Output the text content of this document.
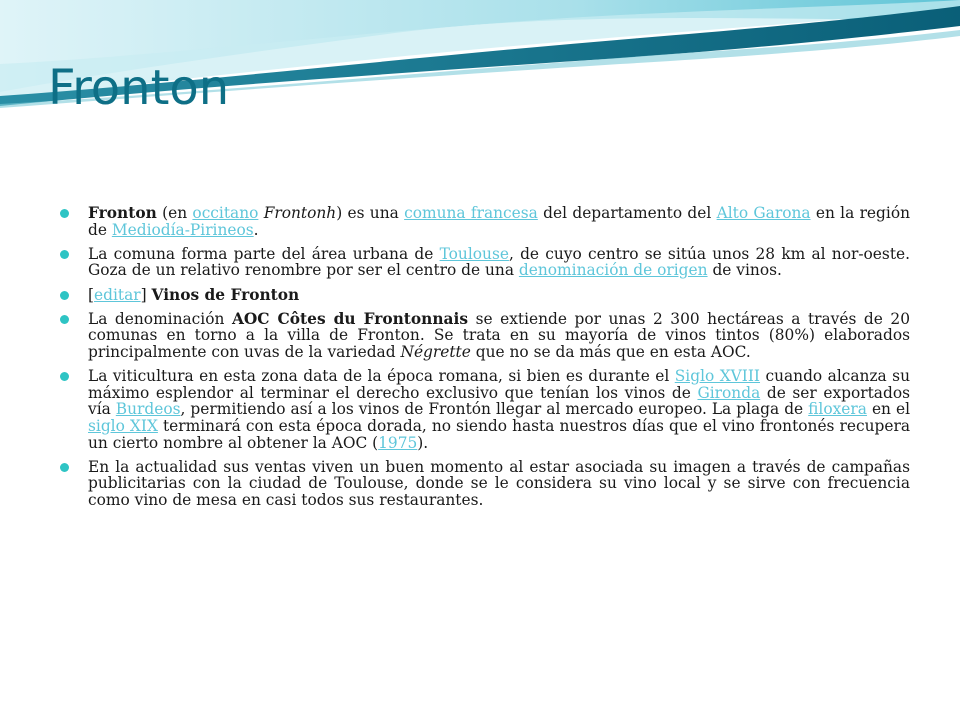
Fronton
Fronton (en occitano Frontonh) es una comuna francesa del departamento del Alto Garona en la región de Mediodía-Pirineos.
La comuna forma parte del área urbana de Toulouse, de cuyo centro se sitúa unos 28 km al nor-oeste. Goza de un relativo renombre por ser el centro de una denominación de origen de vinos.
[editar] Vinos de Fronton
La denominación AOC Côtes du Frontonnais se extiende por unas 2 300 hectáreas a través de 20 comunas en torno a la villa de Fronton. Se trata en su mayoría de vinos tintos (80%) elaborados principalmente con uvas de la variedad Négrette que no se da más que en esta AOC.
La viticultura en esta zona data de la época romana, si bien es durante el Siglo XVIII cuando alcanza su máximo esplendor al terminar el derecho exclusivo que tenían los vinos de Gironda de ser exportados vía Burdeos, permitiendo así a los vinos de Frontón llegar al mercado europeo. La plaga de filoxera en el siglo XIX terminará con esta época dorada, no siendo hasta nuestros días que el vino frontonés recupera un cierto nombre al obtener la AOC (1975).
En la actualidad sus ventas viven un buen momento al estar asociada su imagen a través de campañas publicitarias con la ciudad de Toulouse, donde se le considera su vino local y se sirve con frecuencia como vino de mesa en casi todos sus restaurantes.
